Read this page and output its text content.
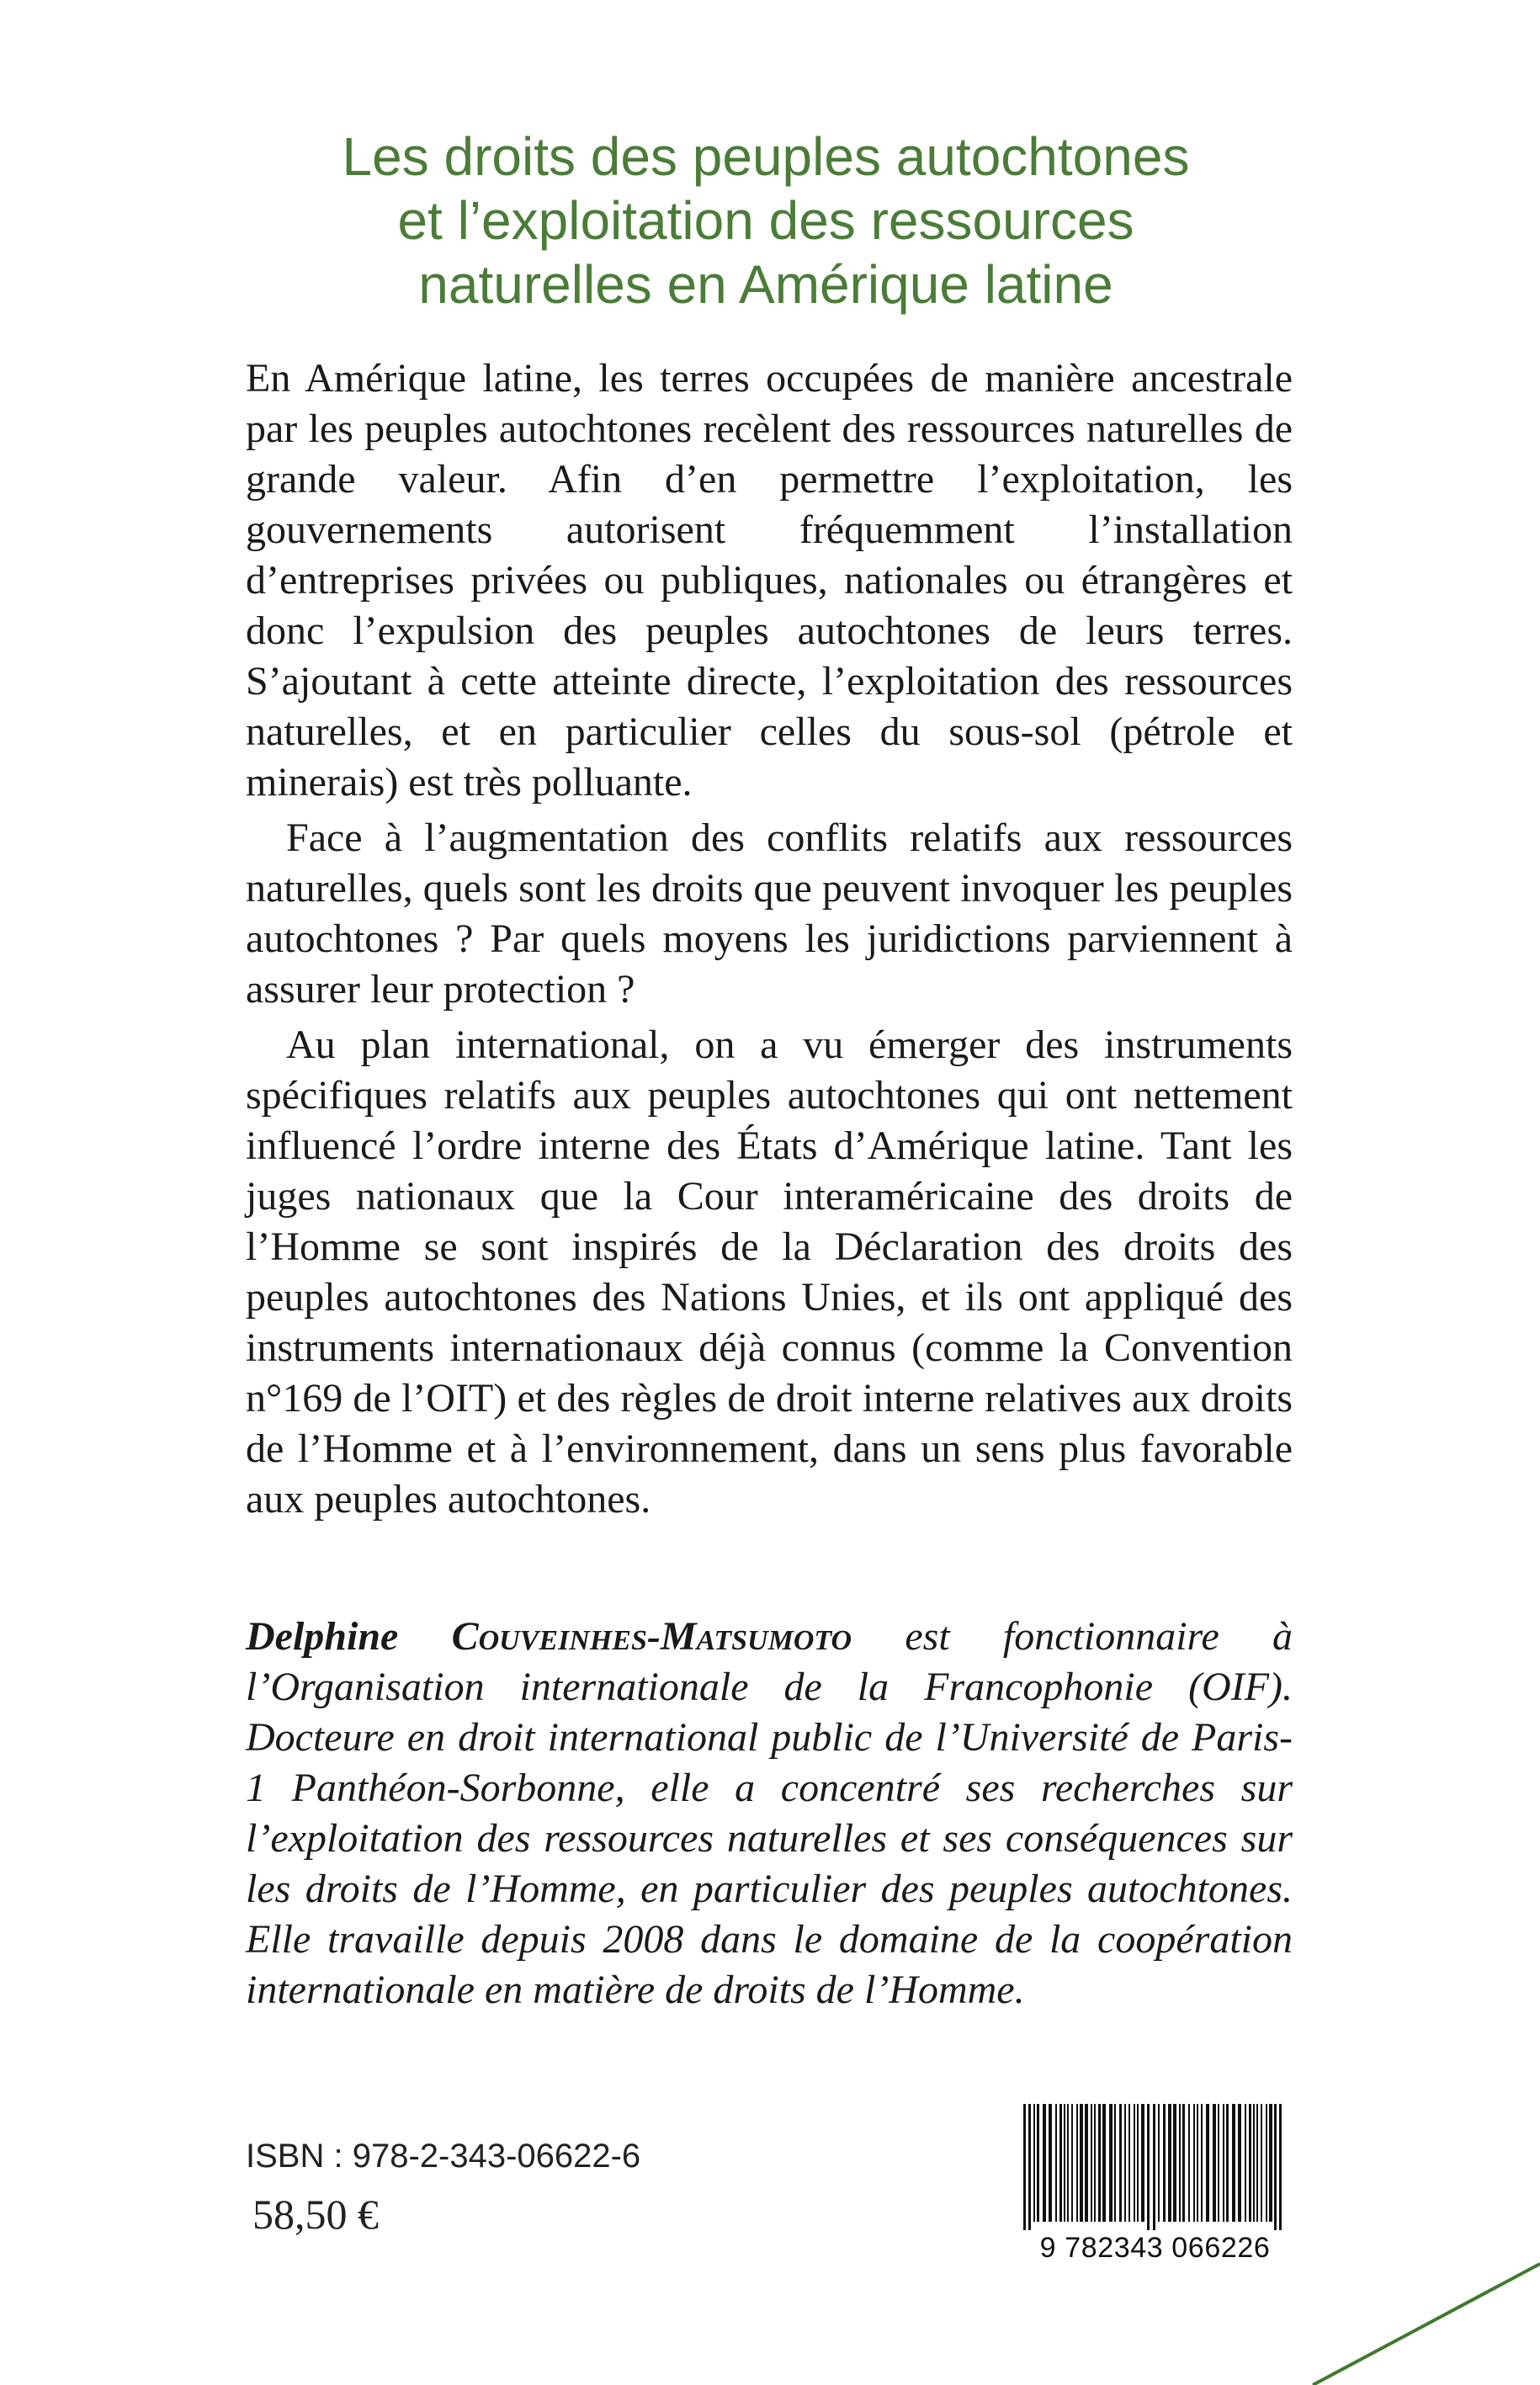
Les droits des peuples autochtones
et l’exploitation des ressources
naturelles en Amérique latine

En Amérique latine, les terres occupées de manière ancestrale par les peuples autochtones recèlent des ressources naturelles de grande valeur. Afin d’en permettre l’exploitation, les gouvernements autorisent fréquemment l’installation d’entreprises privées ou publiques, nationales ou étrangères et donc l’expulsion des peuples autochtones de leurs terres. S’ajoutant à cette atteinte directe, l’exploitation des ressources naturelles, et en particulier celles du sous-sol (pétrole et minerais) est très polluante.

Face à l’augmentation des conflits relatifs aux ressources naturelles, quels sont les droits que peuvent invoquer les peuples autochtones ? Par quels moyens les juridictions parviennent à assurer leur protection ?

Au plan international, on a vu émerger des instruments spécifiques relatifs aux peuples autochtones qui ont nettement influencé l’ordre interne des États d’Amérique latine. Tant les juges nationaux que la Cour interaméricaine des droits de l’Homme se sont inspirés de la Déclaration des droits des peuples autochtones des Nations Unies, et ils ont appliqué des instruments internationaux déjà connus (comme la Convention n°169 de l’OIT) et des règles de droit interne relatives aux droits de l’Homme et à l’environnement, dans un sens plus favorable aux peuples autochtones.

Delphine Couveinhes-Matsumoto est fonctionnaire à l’Organisation internationale de la Francophonie (OIF). Docteure en droit international public de l’Université de Paris-1 Panthéon-Sorbonne, elle a concentré ses recherches sur l’exploitation des ressources naturelles et ses conséquences sur les droits de l’Homme, en particulier des peuples autochtones. Elle travaille depuis 2008 dans le domaine de la coopération internationale en matière de droits de l’Homme.

ISBN : 978-2-343-06622-6
58,50 €
9 782343 066226
